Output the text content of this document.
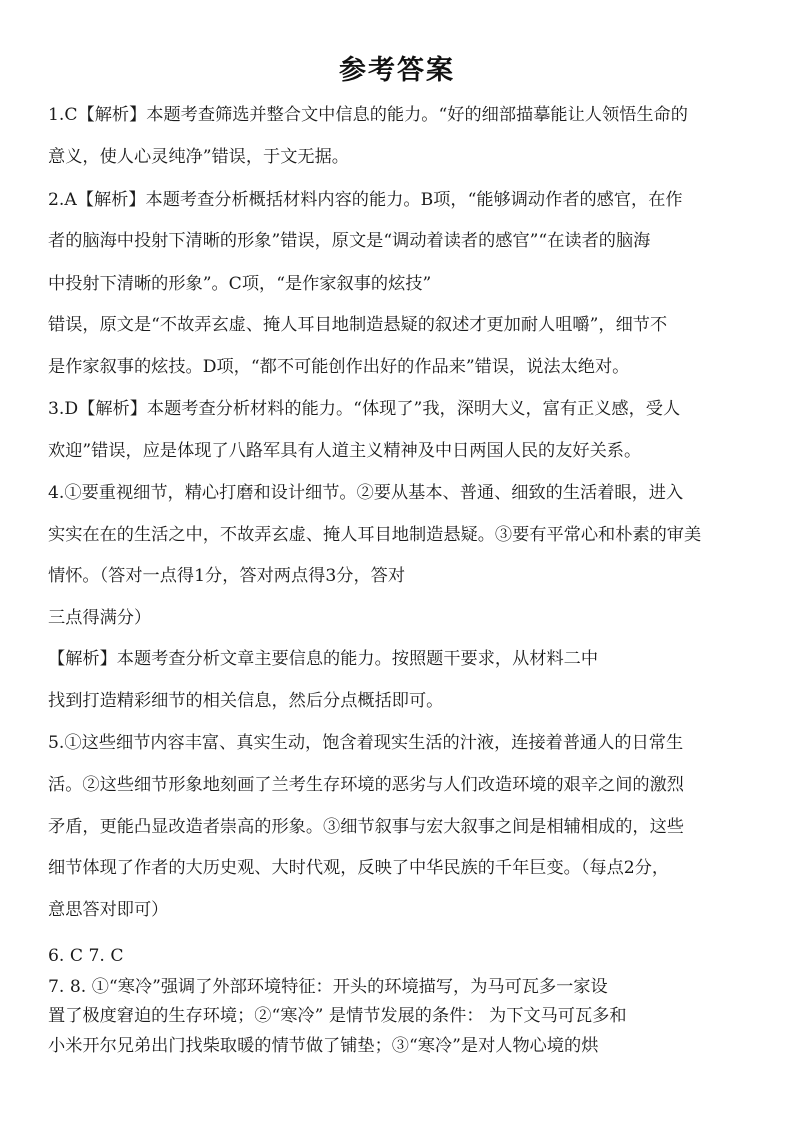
参考答案
1.C【解析】本题考查筛选并整合文中信息的能力。“好的细部描摹能让人领悟生命的
意义，使人心灵纯净”错误，于文无据。
2.A【解析】本题考查分析概括材料内容的能力。B项，“能够调动作者的感官，在作
者的脑海中投射下清晰的形象”错误，原文是“调动着读者的感官”“在读者的脑海
中投射下清晰的形象”。C项，“是作家叙事的炫技”
错误，原文是“不故弄玄虚、掩人耳目地制造悬疑的叙述才更加耐人咀嚼”，细节不
是作家叙事的炫技。D项，“都不可能创作出好的作品来”错误，说法太绝对。
3.D【解析】本题考查分析材料的能力。“体现了”我，深明大义，富有正义感，受人
欢迎”错误，应是体现了八路军具有人道主义精神及中日两国人民的友好关系。
4.①要重视细节，精心打磨和设计细节。②要从基本、普通、细致的生活着眼，进入
实实在在的生活之中，不故弄玄虚、掩人耳目地制造悬疑。③要有平常心和朴素的审美
情怀。（答对一点得1分，答对两点得3分，答对
三点得满分）
【解析】本题考查分析文章主要信息的能力。按照题干要求，从材料二中
找到打造精彩细节的相关信息，然后分点概括即可。
5.①这些细节内容丰富、真实生动，饱含着现实生活的汁液，连接着普通人的日常生
活。②这些细节形象地刻画了兰考生存环境的恶劣与人们改造环境的艰辛之间的激烈
矛盾，更能凸显改造者崇高的形象。③细节叙事与宏大叙事之间是相辅相成的，这些
细节体现了作者的大历史观、大时代观，反映了中华民族的千年巨变。（每点2分，
意思答对即可）
6. C 7. C
7. 8. ①“寒冷”强调了外部环境特征：开头的环境描写，为马可瓦多一家设
置了极度窘迫的生存环境；②“寒冷” 是情节发展的条件： 为下文马可瓦多和
小米开尔兄弟出门找柴取暖的情节做了铺垫；③“寒冷”是对人物心境的烘
